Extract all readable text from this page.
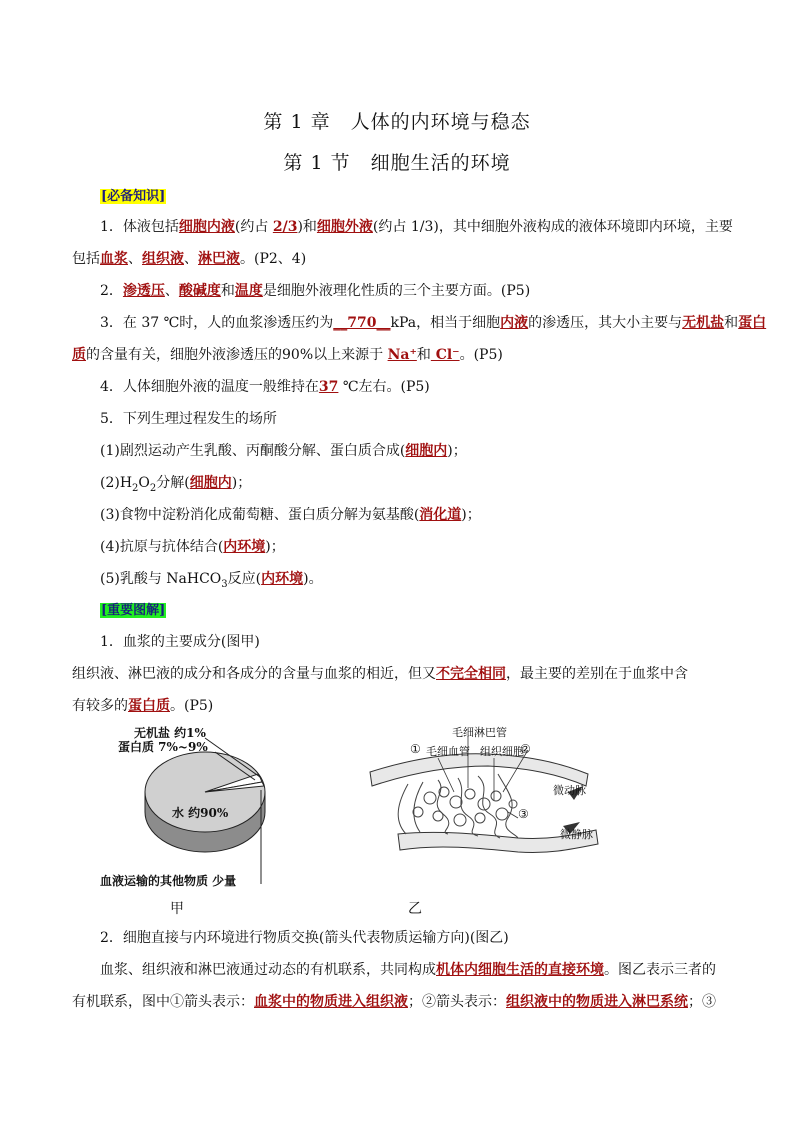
第 1 章　人体的内环境与稳态
第 1 节　细胞生活的环境
[必备知识]
1．体液包括细胞内液(约占 2/3)和细胞外液(约占 1/3)，其中细胞外液构成的液体环境即内环境，主要
包括血浆、组织液、淋巴液。(P2、4)
2．渗透压、酸碱度和温度是细胞外液理化性质的三个主要方面。(P5)
3．在 37 ℃时，人的血浆渗透压约为__770__kPa，相当于细胞内液的渗透压，其大小主要与无机盐和蛋白
质的含量有关，细胞外液渗透压的90%以上来源于 Na⁺和 Cl⁻。(P5)
4．人体细胞外液的温度一般维持在37 ℃左右。(P5)
5．下列生理过程发生的场所
(1)剧烈运动产生乳酸、丙酮酸分解、蛋白质合成(细胞内)；
$(2)H_2O_2$分解(细胞内)；
(3)食物中淀粉消化成葡萄糖、蛋白质分解为氨基酸(消化道)；
(4)抗原与抗体结合(内环境)；
(5)乳酸与 NaHCO$_3$反应(内环境)。
[重要图解]
1．血浆的主要成分(图甲)
组织液、淋巴液的成分和各成分的含量与血浆的相近，但又不完全相同，最主要的差别在于血浆中含
有较多的蛋白质。(P5)
无机盐 约1%
蛋白质 7%~9%
水 约90%
血液运输的其他物质 少量
甲
毛细淋巴管
① 毛细血管 组织细胞
②
③
微动脉
微静脉
乙
2．细胞直接与内环境进行物质交换(箭头代表物质运输方向)(图乙)
血浆、组织液和淋巴液通过动态的有机联系，共同构成机体内细胞生活的直接环境。图乙表示三者的
有机联系，图中①箭头表示：血浆中的物质进入组织液；②箭头表示：组织液中的物质进入淋巴系统；③
